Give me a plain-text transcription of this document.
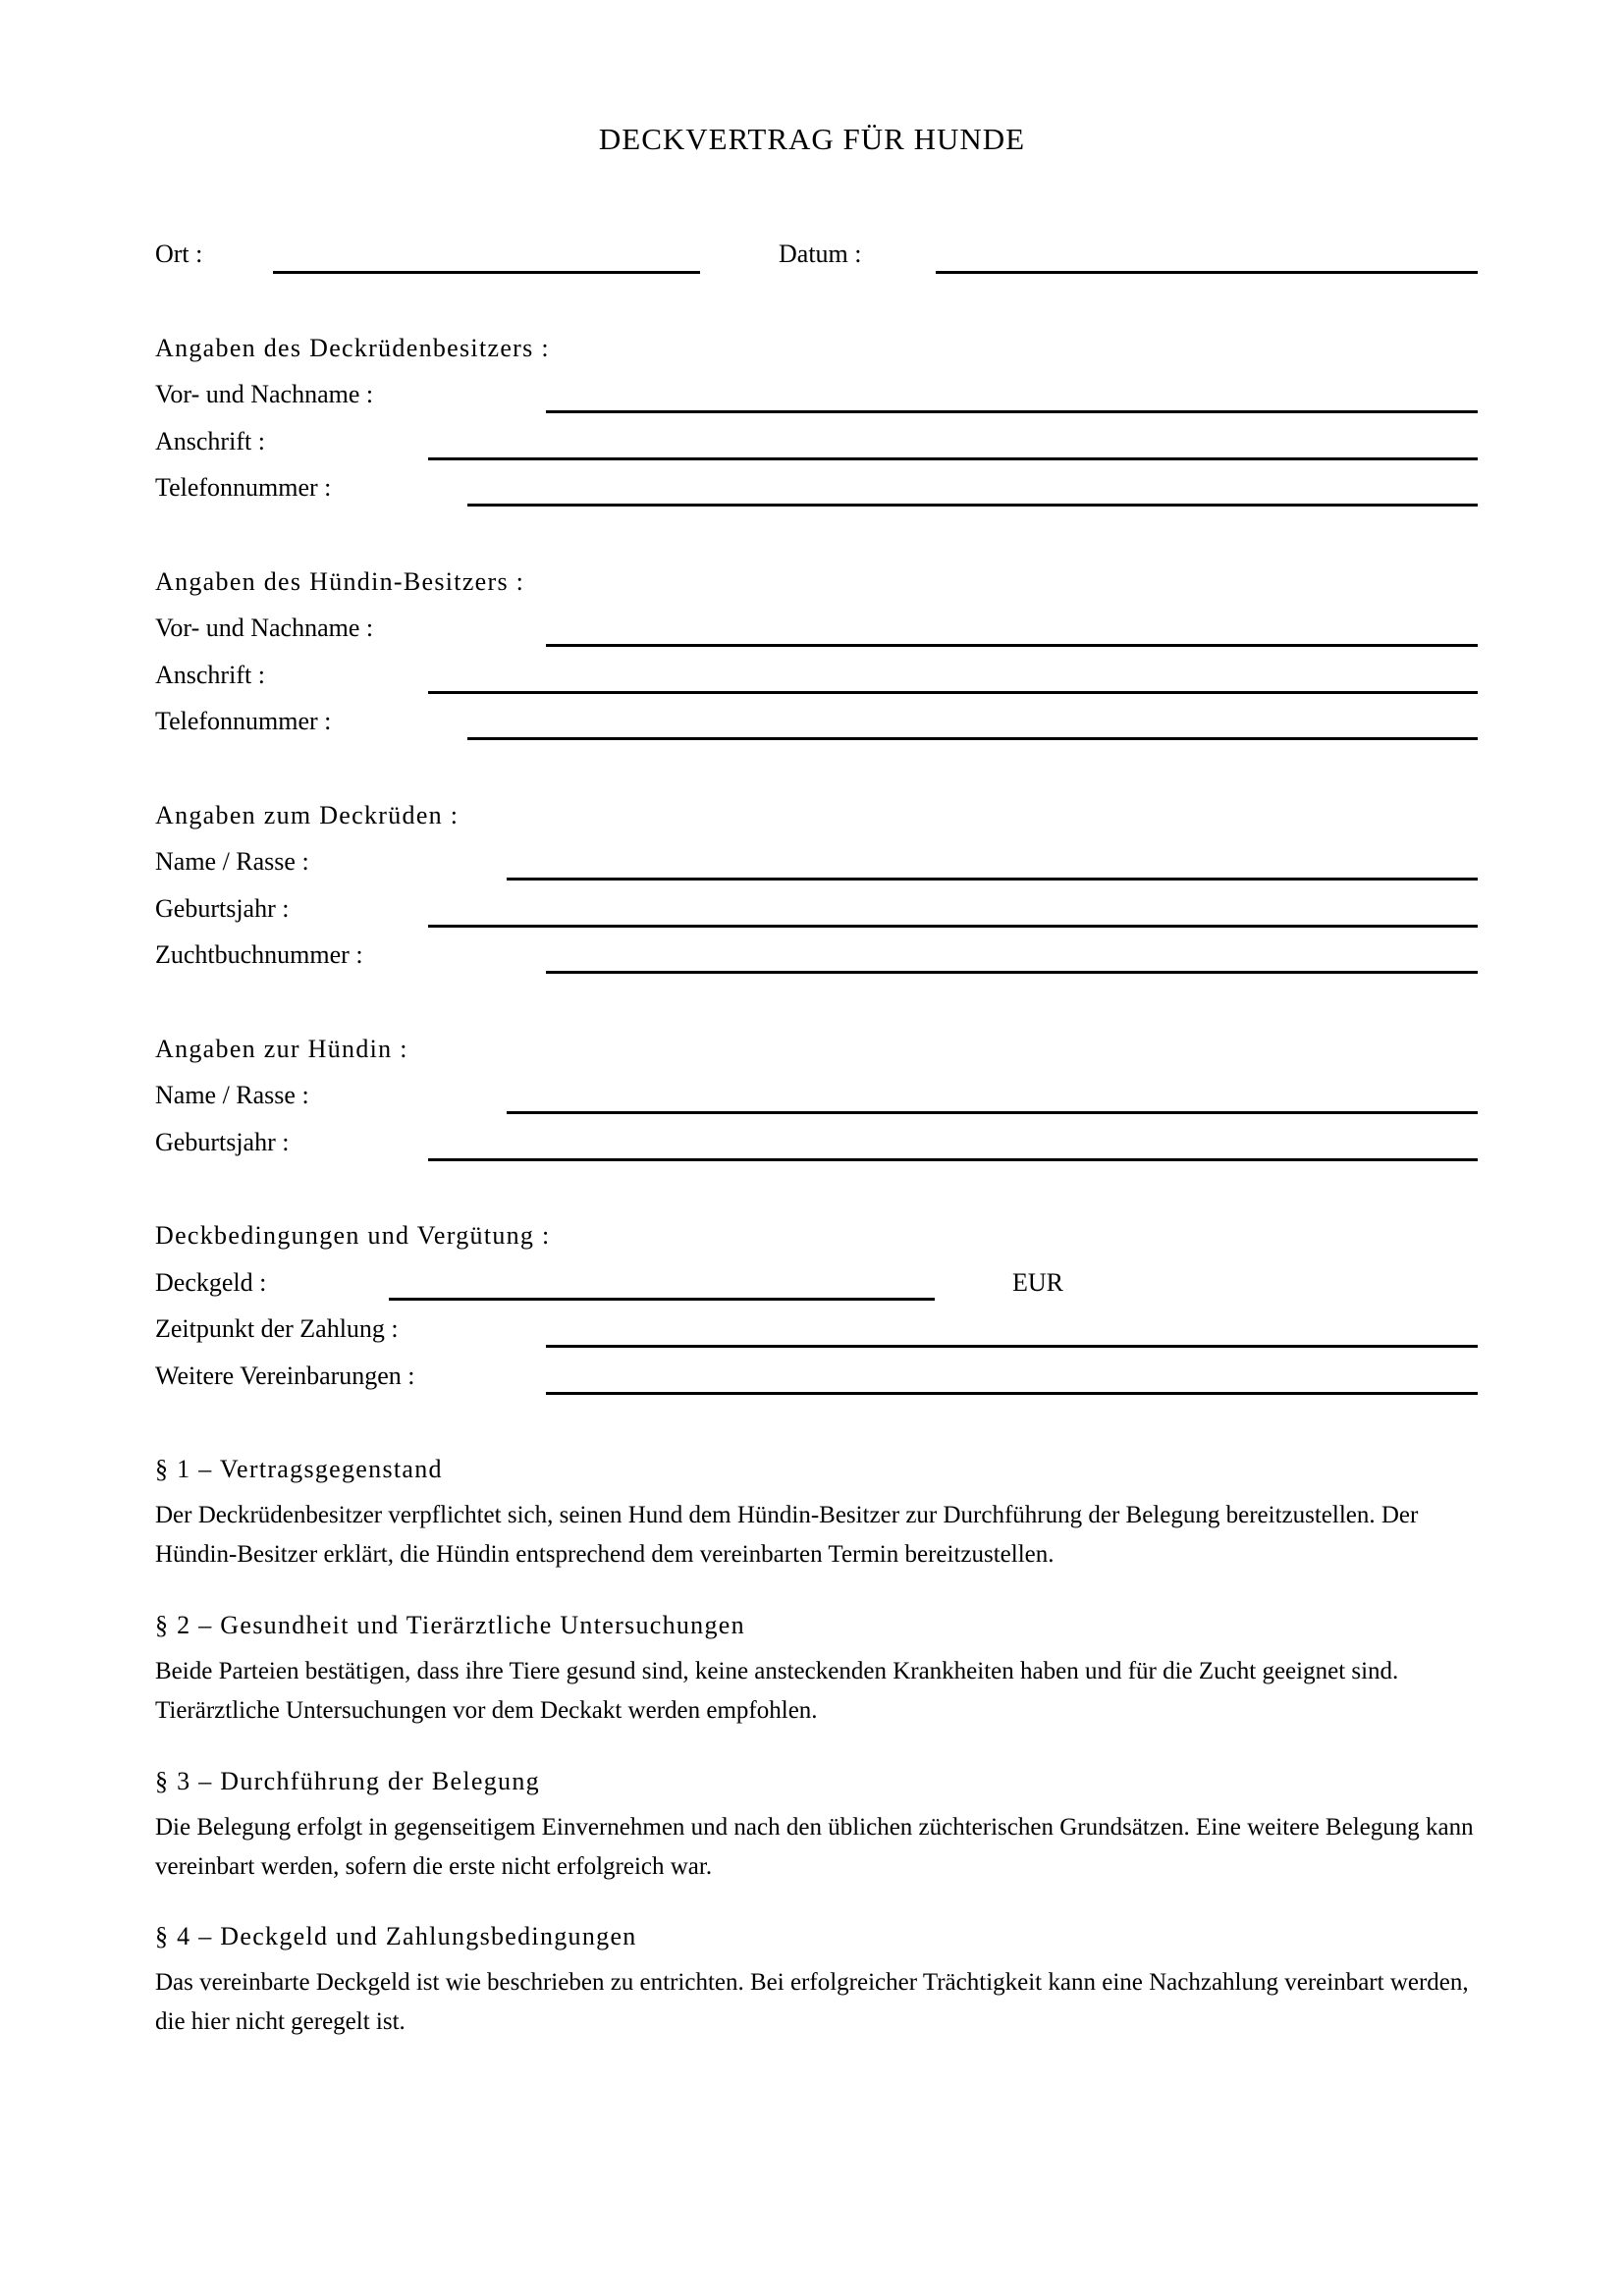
DECKVERTRAG FÜR HUNDE
Ort :	Datum :
Angaben des Deckrüdenbesitzers :
Vor- und Nachname :
Anschrift :
Telefonnummer :
Angaben des Hündin-Besitzers :
Vor- und Nachname :
Anschrift :
Telefonnummer :
Angaben zum Deckrüden :
Name / Rasse :
Geburtsjahr :
Zuchtbuchnummer :
Angaben zur Hündin :
Name / Rasse :
Geburtsjahr :
Deckbedingungen und Vergütung :
Deckgeld :	EUR
Zeitpunkt der Zahlung :
Weitere Vereinbarungen :
§ 1 – Vertragsgegenstand
Der Deckrüdenbesitzer verpflichtet sich, seinen Hund dem Hündin-Besitzer zur Durchführung der Belegung bereitzustellen. Der Hündin-Besitzer erklärt, die Hündin entsprechend dem vereinbarten Termin bereitzustellen.
§ 2 – Gesundheit und Tierärztliche Untersuchungen
Beide Parteien bestätigen, dass ihre Tiere gesund sind, keine ansteckenden Krankheiten haben und für die Zucht geeignet sind. Tierärztliche Untersuchungen vor dem Deckakt werden empfohlen.
§ 3 – Durchführung der Belegung
Die Belegung erfolgt in gegenseitigem Einvernehmen und nach den üblichen züchterischen Grundsätzen. Eine weitere Belegung kann vereinbart werden, sofern die erste nicht erfolgreich war.
§ 4 – Deckgeld und Zahlungsbedingungen
Das vereinbarte Deckgeld ist wie beschrieben zu entrichten. Bei erfolgreicher Trächtigkeit kann eine Nachzahlung vereinbart werden, die hier nicht geregelt ist.
